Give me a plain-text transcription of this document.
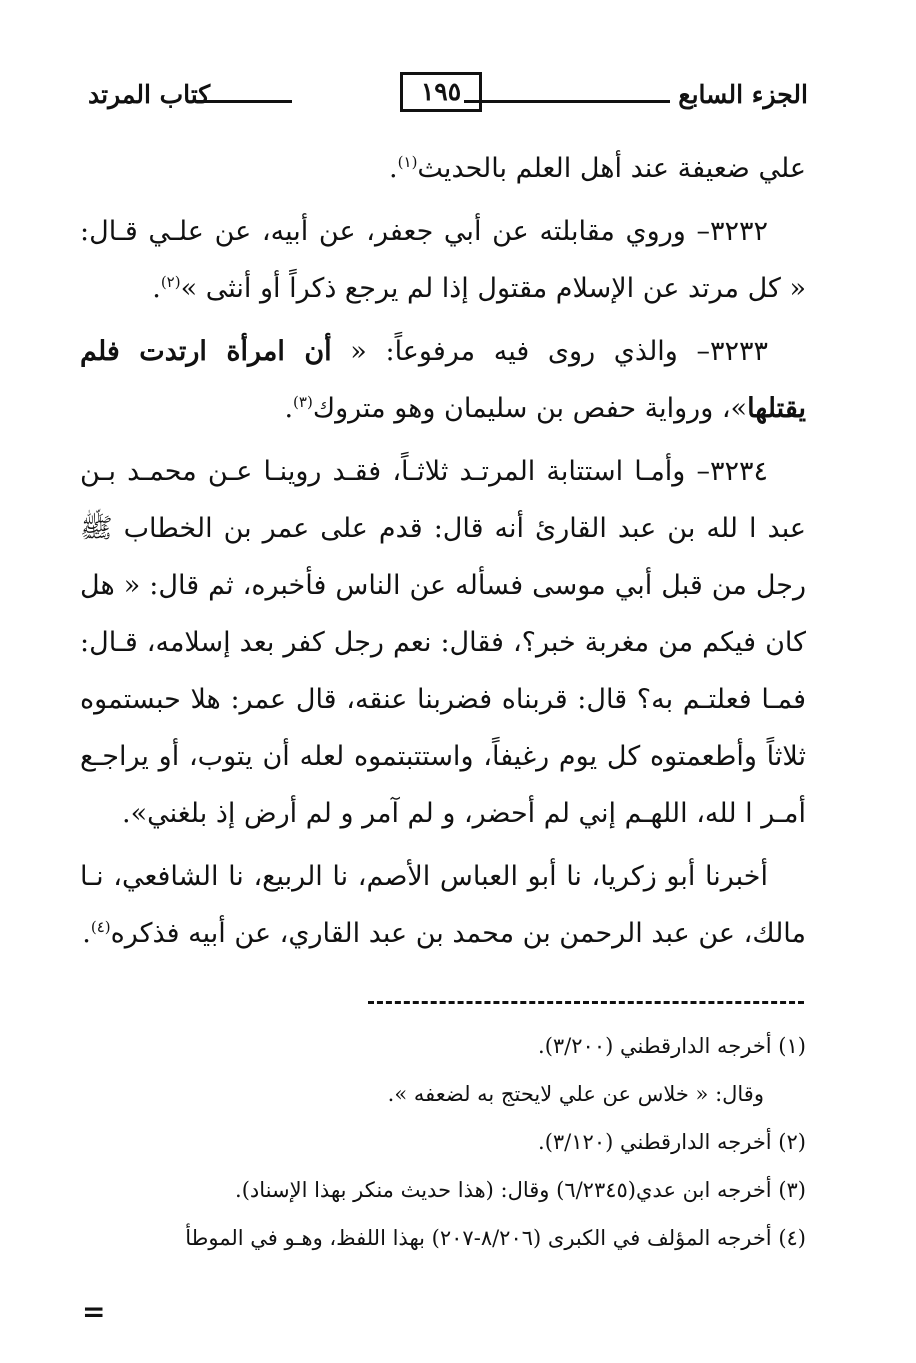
الجزء السابع
١٩٥
كتاب المرتد

علي ضعيفة عند أهل العلم بالحديث$^{(١)}$.

٣٢٣٢– وروي مقابلته عن أبي جعفر، عن أبيه، عن علـي قـال: « كل مرتد عن الإسلام مقتول إذا لم يرجع ذكراً أو أنثى »$^{(٢)}$.

٣٢٣٣– والذي روى فيه مرفوعاً: « أن امرأة ارتدت فلم يقتلها»، ورواية حفص بن سليمان وهو متروك$^{(٣)}$.

٣٢٣٤– وأمـا استتابة المرتـد ثلاثـاً، فقـد روينـا عـن محمـد بـن عبد ا لله بن عبد القارئ أنه قال: قدم على عمر بن الخطاب ﷺ رجل من قبل أبي موسى فسأله عن الناس فأخبره، ثم قال: « هل كان فيكم من مغربة خبر؟، فقال: نعم رجل كفر بعد إسلامه، قـال: فمـا فعلتـم به؟ قال: قربناه فضربنا عنقه، قال عمر: هلا حبستموه ثلاثاً وأطعمتوه كل يوم رغيفاً، واستتبتموه لعله أن يتوب، أو يراجـع أمـر ا لله، اللهـم إني لم أحضر، و لم آمر و لم أرض إذ بلغني».

أخبرنا أبو زكريا، نا أبو العباس الأصم، نا الربيع، نا الشافعي، نـا مالك، عن عبد الرحمن بن محمد بن عبد القاري، عن أبيه فذكره$^{(٤)}$.

(١) أخرجه الدارقطني (٣/٢٠٠).

وقال: « خلاس عن علي لايحتج به لضعفه ».

(٢) أخرجه الدارقطني (٣/١٢٠).

(٣) أخرجه ابن عدي(٦/٢٣٤٥) وقال: (هذا حديث منكر بهذا الإسناد).

(٤) أخرجه المؤلف في الكبرى (٨/٢٠٦-٢٠٧) بهذا اللفظ، وهـو في الموطأ

=
